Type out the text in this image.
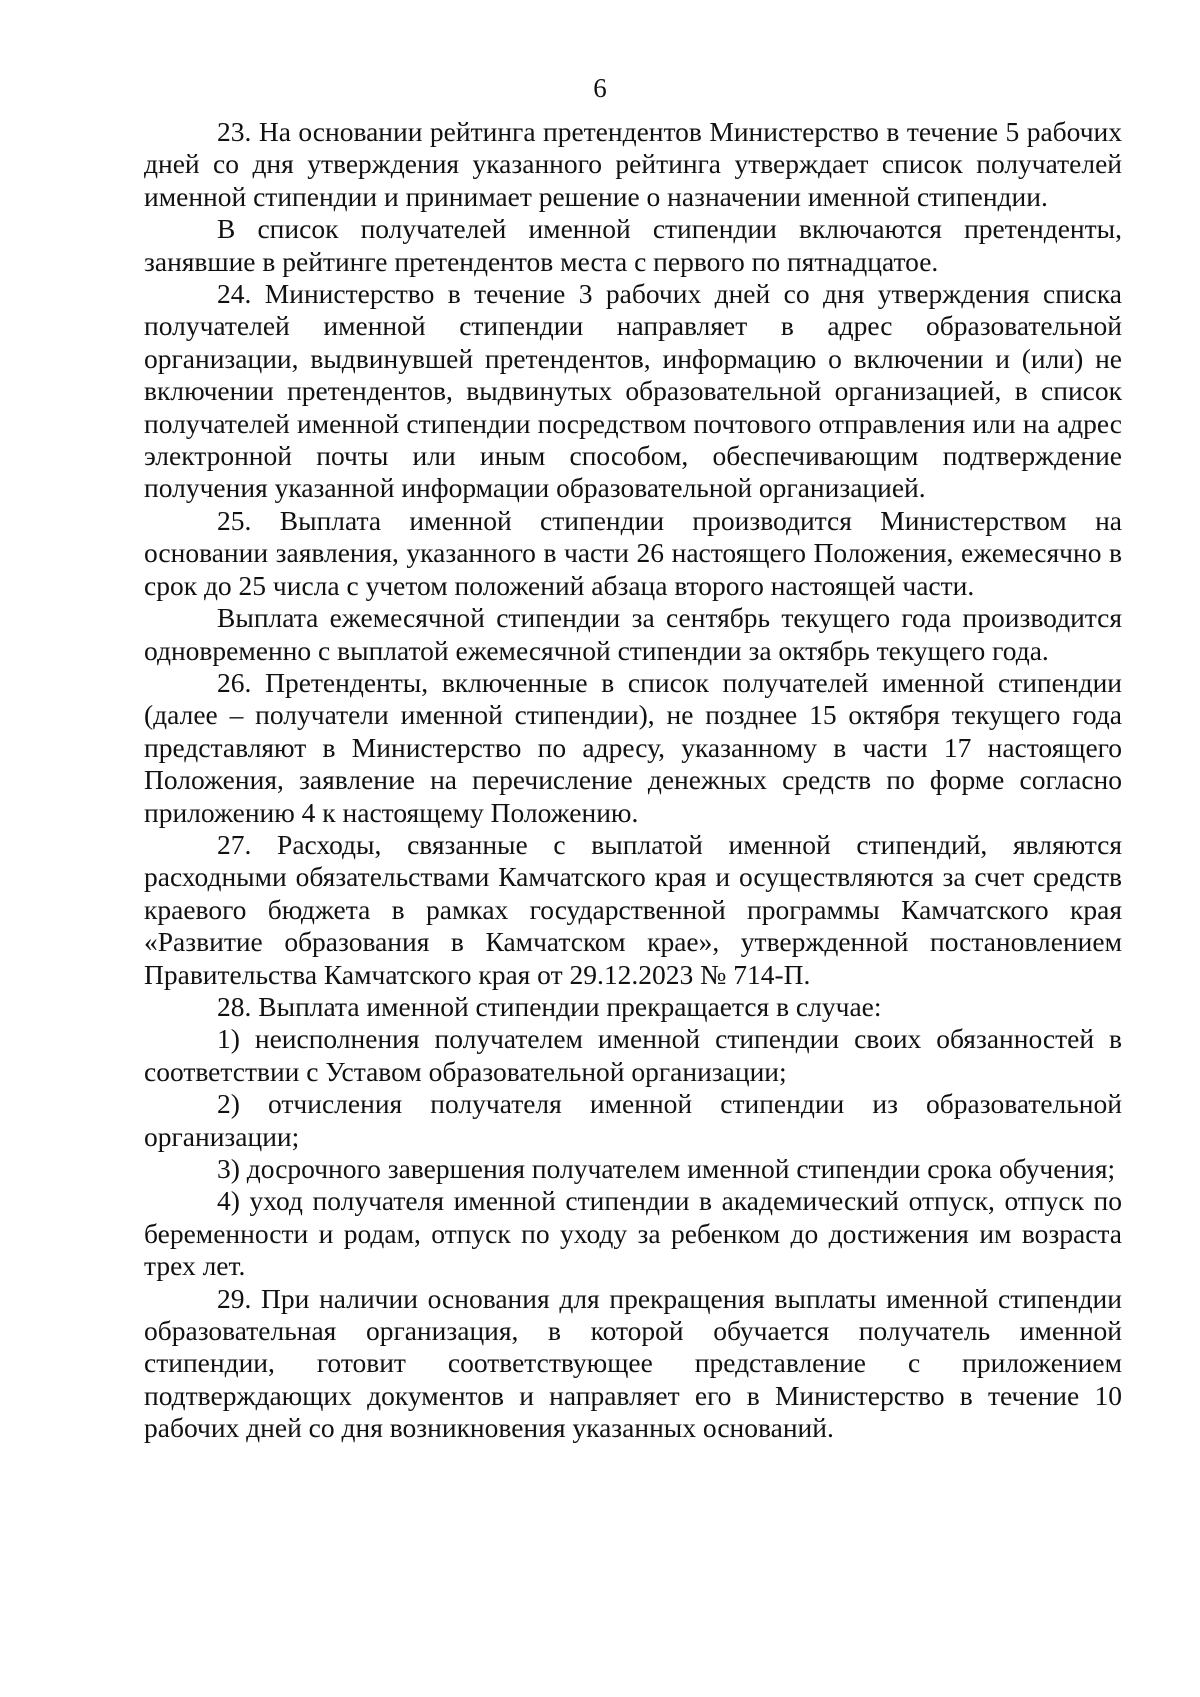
6

23. На основании рейтинга претендентов Министерство в течение 5 рабочих дней со дня утверждения указанного рейтинга утверждает список получателей именной стипендии и принимает решение о назначении именной стипендии.

В список получателей именной стипендии включаются претенденты, занявшие в рейтинге претендентов места с первого по пятнадцатое.

24. Министерство в течение 3 рабочих дней со дня утверждения списка получателей именной стипендии направляет в адрес образовательной организации, выдвинувшей претендентов, информацию о включении и (или) не включении претендентов, выдвинутых образовательной организацией, в список получателей именной стипендии посредством почтового отправления или на адрес электронной почты или иным способом, обеспечивающим подтверждение получения указанной информации образовательной организацией.

25. Выплата именной стипендии производится Министерством на основании заявления, указанного в части 26 настоящего Положения, ежемесячно в срок до 25 числа с учетом положений абзаца второго настоящей части.

Выплата ежемесячной стипендии за сентябрь текущего года производится одновременно с выплатой ежемесячной стипендии за октябрь текущего года.

26. Претенденты, включенные в список получателей именной стипендии (далее – получатели именной стипендии), не позднее 15 октября текущего года представляют в Министерство по адресу, указанному в части 17 настоящего Положения, заявление на перечисление денежных средств по форме согласно приложению 4 к настоящему Положению.

27. Расходы, связанные с выплатой именной стипендий, являются расходными обязательствами Камчатского края и осуществляются за счет средств краевого бюджета в рамках государственной программы Камчатского края «Развитие образования в Камчатском крае», утвержденной постановлением Правительства Камчатского края от 29.12.2023 № 714-П.

28. Выплата именной стипендии прекращается в случае:

1) неисполнения получателем именной стипендии своих обязанностей в соответствии с Уставом образовательной организации;

2) отчисления получателя именной стипендии из образовательной организации;

3) досрочного завершения получателем именной стипендии срока обучения;

4) уход получателя именной стипендии в академический отпуск, отпуск по беременности и родам, отпуск по уходу за ребенком до достижения им возраста трех лет.

29. При наличии основания для прекращения выплаты именной стипендии образовательная организация, в которой обучается получатель именной стипендии, готовит соответствующее представление с приложением подтверждающих документов и направляет его в Министерство в течение 10 рабочих дней со дня возникновения указанных оснований.
